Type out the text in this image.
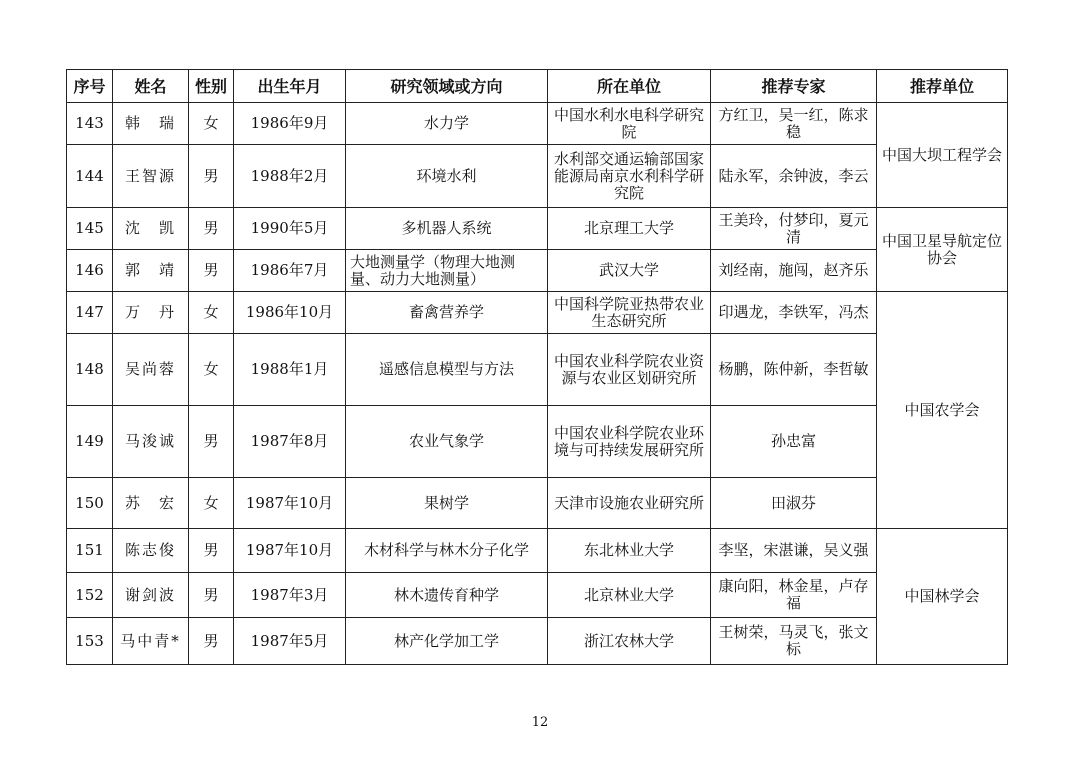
序号	姓名	性别	出生年月	研究领域或方向	所在单位	推荐专家	推荐单位
143	韩　瑞	女	1986年9月	水力学	中国水利水电科学研究院	方红卫，吴一红，陈求稳	中国大坝工程学会
144	王智源	男	1988年2月	环境水利	水利部交通运输部国家能源局南京水利科学研究院	陆永军，余钟波，李云	
145	沈　凯	男	1990年5月	多机器人系统	北京理工大学	王美玲，付梦印，夏元清	中国卫星导航定位协会
146	郭　靖	男	1986年7月	大地测量学（物理大地测量、动力大地测量）	武汉大学	刘经南，施闯，赵齐乐	
147	万　丹	女	1986年10月	畜禽营养学	中国科学院亚热带农业生态研究所	印遇龙，李铁军，冯杰	中国农学会
148	吴尚蓉	女	1988年1月	遥感信息模型与方法	中国农业科学院农业资源与农业区划研究所	杨鹏，陈仲新，李哲敏	
149	马浚诚	男	1987年8月	农业气象学	中国农业科学院农业环境与可持续发展研究所	孙忠富	
150	苏　宏	女	1987年10月	果树学	天津市设施农业研究所	田淑芬	
151	陈志俊	男	1987年10月	木材科学与林木分子化学	东北林业大学	李坚，宋湛谦，吴义强	中国林学会
152	谢剑波	男	1987年3月	林木遗传育种学	北京林业大学	康向阳，林金星，卢存福	
153	马中青*	男	1987年5月	林产化学加工学	浙江农林大学	王树荣，马灵飞，张文标	
12
